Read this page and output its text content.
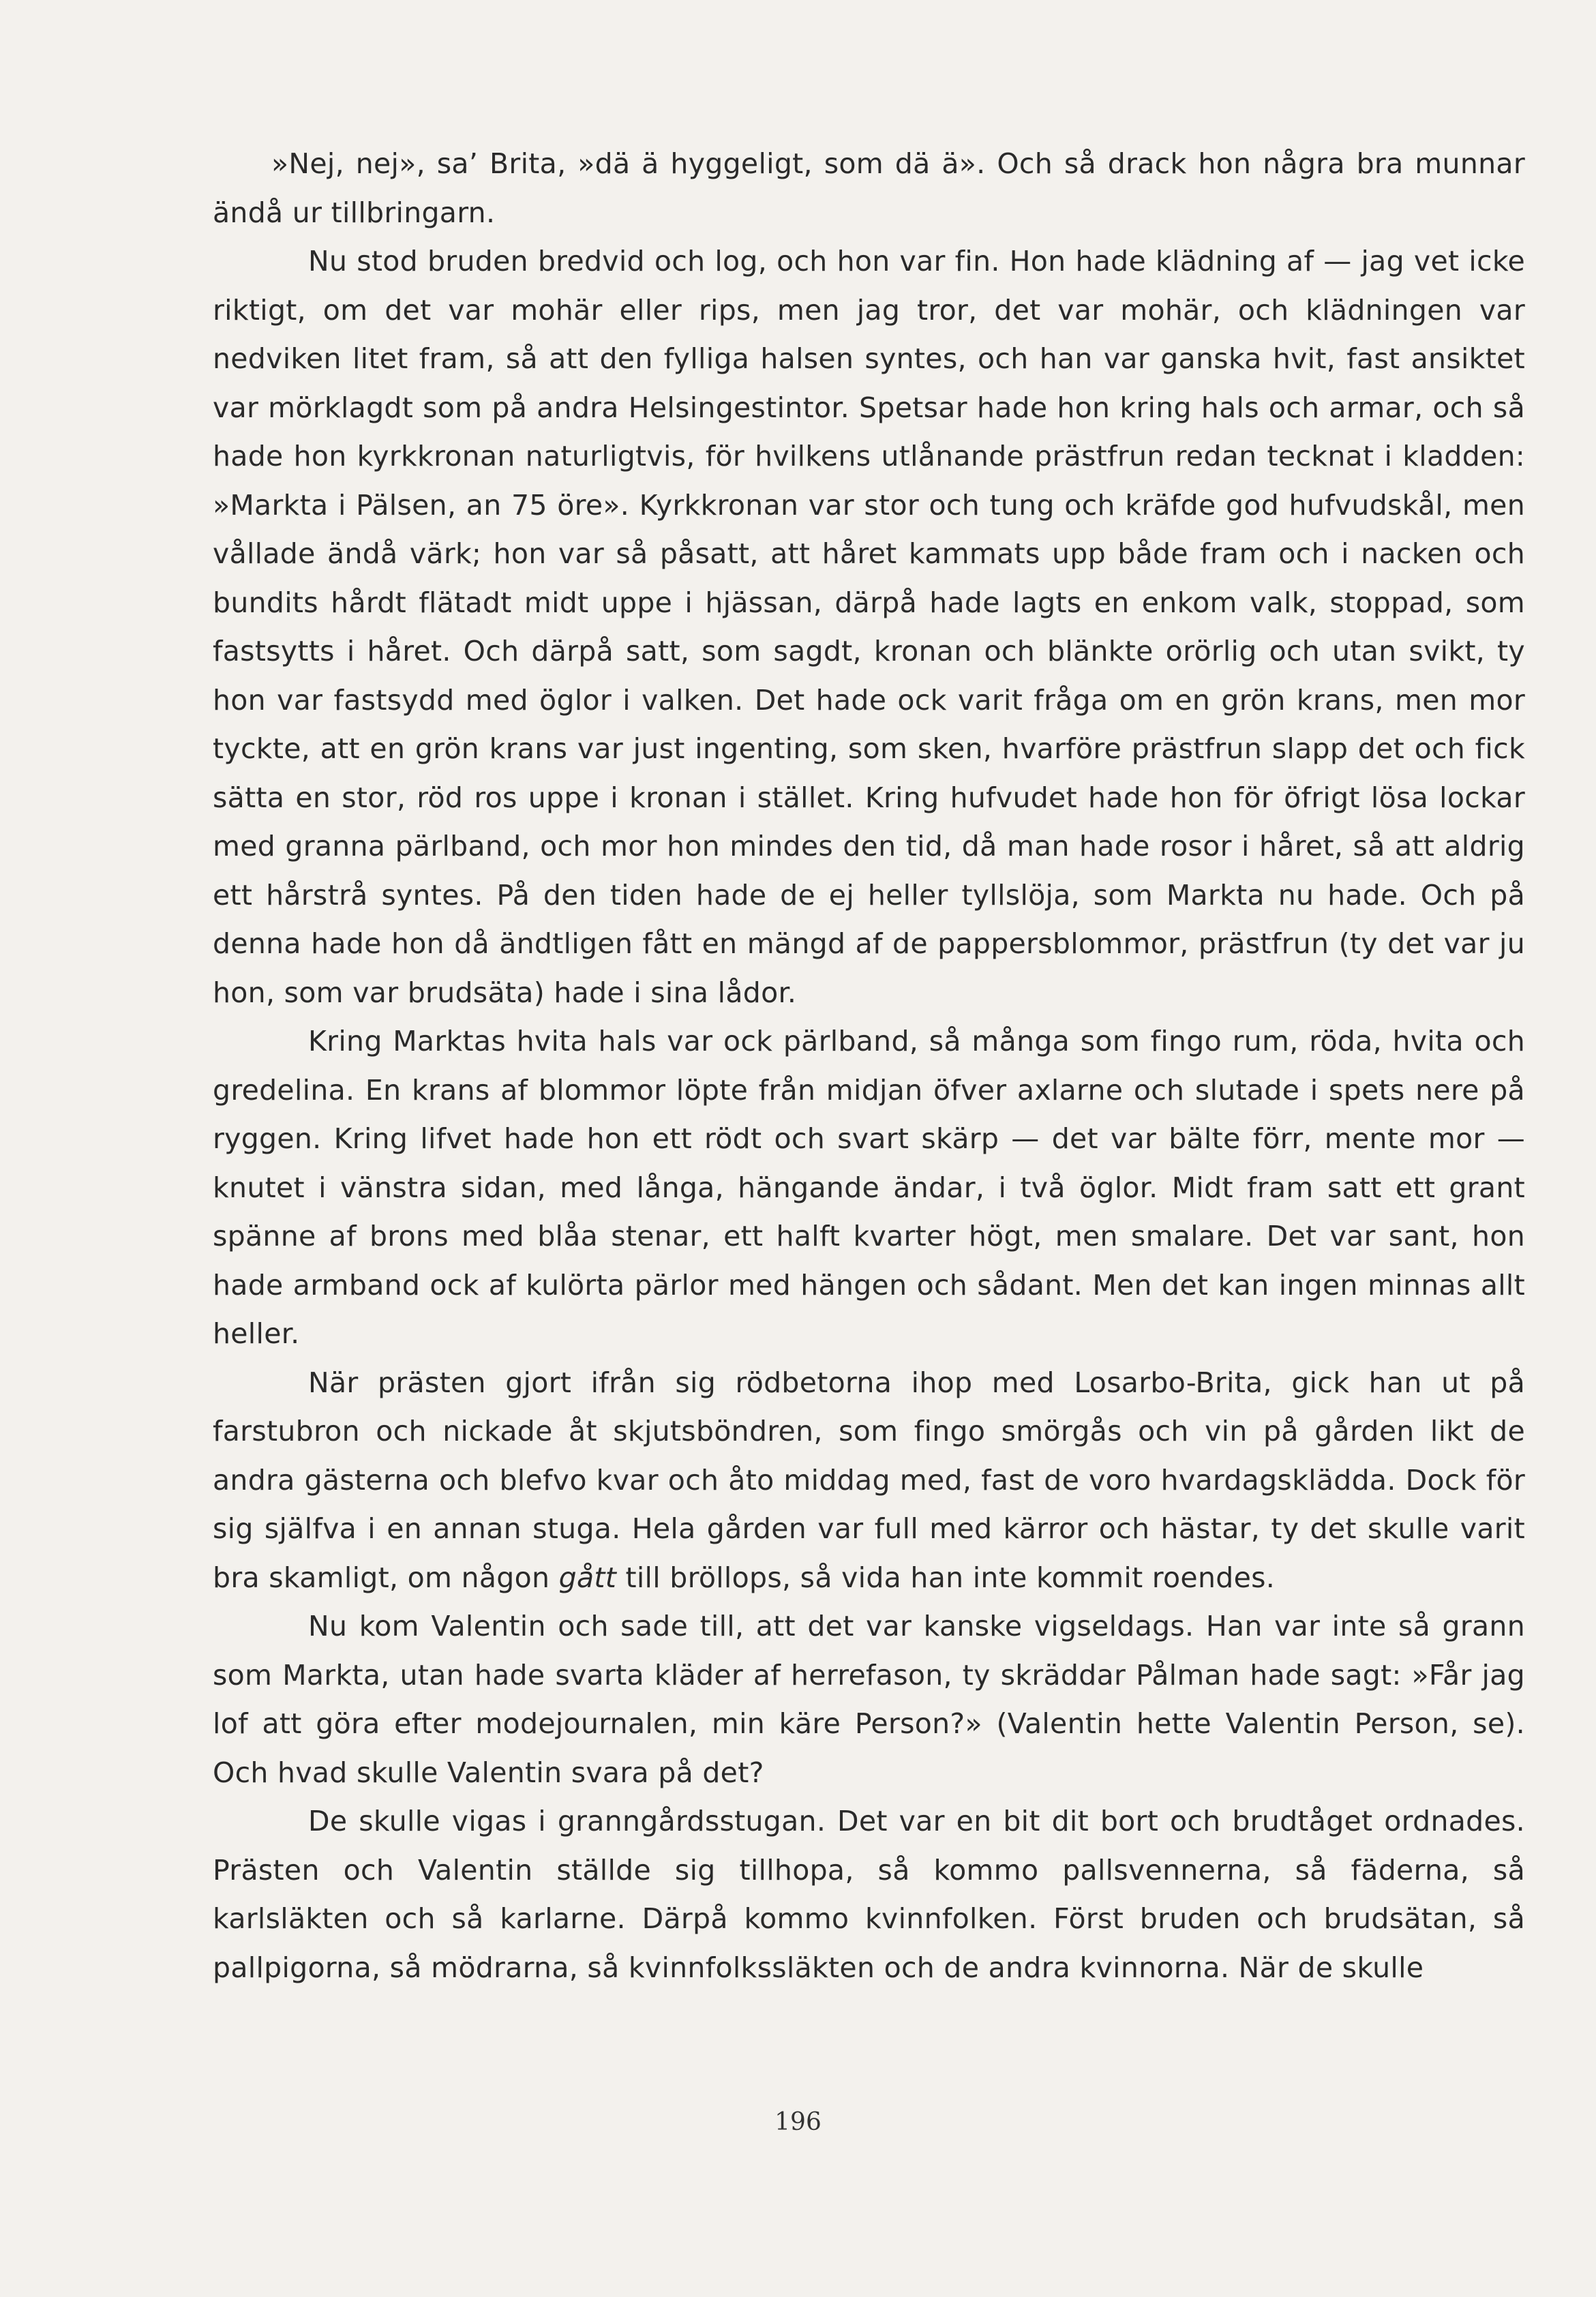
»Nej, nej», sa’ Brita, »dä ä hyggeligt, som dä ä». Och så drack hon några bra munnar ändå ur tillbringarn.

Nu stod bruden bredvid och log, och hon var fin. Hon hade klädning af — jag vet icke riktigt, om det var mohär eller rips, men jag tror, det var mohär, och klädningen var nedviken litet fram, så att den fylliga halsen syntes, och han var ganska hvit, fast ansiktet var mörklagdt som på andra Helsingestintor. Spetsar hade hon kring hals och armar, och så hade hon kyrkkronan naturligtvis, för hvilkens utlånande prästfrun redan tecknat i kladden: »Markta i Pälsen, an 75 öre». Kyrkkronan var stor och tung och kräfde god hufvudskål, men vållade ändå värk; hon var så påsatt, att håret kammats upp både fram och i nacken och bundits hårdt flätadt midt uppe i hjässan, därpå hade lagts en enkom valk, stoppad, som fastsytts i håret. Och därpå satt, som sagdt, kronan och blänkte orörlig och utan svikt, ty hon var fastsydd med öglor i valken. Det hade ock varit fråga om en grön krans, men mor tyckte, att en grön krans var just ingenting, som sken, hvarföre prästfrun slapp det och fick sätta en stor, röd ros uppe i kronan i stället. Kring hufvudet hade hon för öfrigt lösa lockar med granna pärlband, och mor hon mindes den tid, då man hade rosor i håret, så att aldrig ett hårstrå syntes. På den tiden hade de ej heller tyllslöja, som Markta nu hade. Och på denna hade hon då ändtligen fått en mängd af de pappersblommor, prästfrun (ty det var ju hon, som var brudsäta) hade i sina lådor.

Kring Marktas hvita hals var ock pärlband, så många som fingo rum, röda, hvita och gredelina. En krans af blommor löpte från midjan öfver axlarne och slutade i spets nere på ryggen. Kring lifvet hade hon ett rödt och svart skärp — det var bälte förr, mente mor — knutet i vänstra sidan, med långa, hängande ändar, i två öglor. Midt fram satt ett grant spänne af brons med blåa stenar, ett halft kvarter högt, men smalare. Det var sant, hon hade armband ock af kulörta pärlor med hängen och sådant. Men det kan ingen minnas allt heller.

När prästen gjort ifrån sig rödbetorna ihop med Losarbo-Brita, gick han ut på farstubron och nickade åt skjutsböndren, som fingo smörgås och vin på gården likt de andra gästerna och blefvo kvar och åto middag med, fast de voro hvardagsklädda. Dock för sig själfva i en annan stuga. Hela gården var full med kärror och hästar, ty det skulle varit bra skamligt, om någon gått till bröllops, så vida han inte kommit roendes.

Nu kom Valentin och sade till, att det var kanske vigseldags. Han var inte så grann som Markta, utan hade svarta kläder af herrefason, ty skräddar Pålman hade sagt: »Får jag lof att göra efter modejournalen, min käre Person?» (Valentin hette Valentin Person, se). Och hvad skulle Valentin svara på det?

De skulle vigas i granngårdsstugan. Det var en bit dit bort och brudtåget ordnades. Prästen och Valentin ställde sig tillhopa, så kommo pallsvennerna, så fäderna, så karlsläkten och så karlarne. Därpå kommo kvinnfolken. Först bruden och brudsätan, så pallpigorna, så mödrarna, så kvinnfolkssläkten och de andra kvinnorna. När de skulle

196
